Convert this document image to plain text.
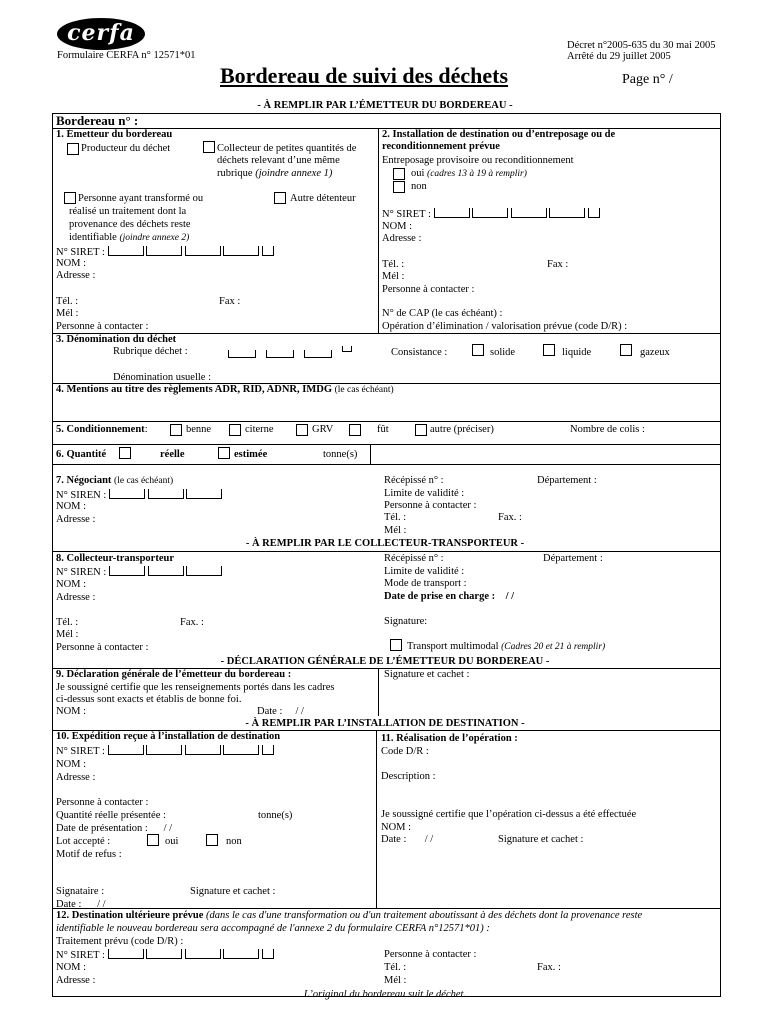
cerfa
Formulaire CERFA n° 12571*01
Décret n°2005-635 du 30 mai 2005
Arrêté du 29 juillet 2005
Bordereau de suivi des déchets	Page n° /
- À REMPLIR PAR L’ÉMETTEUR DU BORDEREAU -
Bordereau n° :
1. Émetteur du bordereau
Producteur du déchet	Collecteur de petites quantités de
déchets relevant d’une même
rubrique (joindre annexe 1)
Personne ayant transformé ou
réalisé un traitement dont la
provenance des déchets reste
identifiable (joindre annexe 2)
Autre détenteur
N° SIRET :
NOM :
Adresse :
Tél. :	Fax :
Mél :
Personne à contacter :
2. Installation de destination ou d’entreposage ou de
reconditionnement prévue
Entreposage provisoire ou reconditionnement
oui (cadres 13 à 19 à remplir)
non
N° SIRET :
NOM :
Adresse :
Tél. :	Fax :
Mél :
Personne à contacter :
N° de CAP (le cas échéant) :
Opération d’élimination / valorisation prévue (code D/R) :
3. Dénomination du déchet
Rubrique déchet :	Consistance :	solide	liquide	gazeux
Dénomination usuelle :
4. Mentions au titre des règlements ADR, RID, ADNR, IMDG (le cas échéant)
5. Conditionnement:	benne	citerne	GRV	fût	autre (préciser)	Nombre de colis :
6. Quantité	réelle	estimée	tonne(s)
7. Négociant (le cas échéant)
N° SIREN :
NOM :
Adresse :
Récépissé n° :	Département :
Limite de validité :
Personne à contacter :
Tél. :	Fax. :
Mél :
- À REMPLIR PAR LE COLLECTEUR-TRANSPORTEUR -
8. Collecteur-transporteur
N° SIREN :
NOM :
Adresse :
Tél. :	Fax. :
Mél :
Personne à contacter :
Récépissé n° :	Département :
Limite de validité :
Mode de transport :
Date de prise en charge : / /
Signature:
Transport multimodal (Cadres 20 et 21 à remplir)
- DÉCLARATION GÉNÉRALE DE L’ÉMETTEUR DU BORDEREAU -
9. Déclaration générale de l’émetteur du bordereau :
Je soussigné certifie que les renseignements portés dans les cadres
ci-dessus sont exacts et établis de bonne foi.
NOM :	Date : / /
Signature et cachet :
- À REMPLIR PAR L’INSTALLATION DE DESTINATION -
10. Expédition reçue à l’installation de destination
N° SIRET :
NOM :
Adresse :
Personne à contacter :
Quantité réelle présentée :	tonne(s)
Date de présentation : / /
Lot accepté :	oui	non
Motif de refus :
Signataire :	Signature et cachet :
Date : / /
11. Réalisation de l’opération :
Code D/R :
Description :
Je soussigné certifie que l’opération ci-dessus a été effectuée
NOM :
Date : / /	Signature et cachet :
12. Destination ultérieure prévue (dans le cas d'une transformation ou d'un traitement aboutissant à des déchets dont la provenance reste
identifiable le nouveau bordereau sera accompagné de l'annexe 2 du formulaire CERFA n°12571*01) :
Traitement prévu (code D/R) :
N° SIRET :
NOM :
Adresse :
Personne à contacter :
Tél. :	Fax. :
Mél :
L’original du bordereau suit le déchet.
